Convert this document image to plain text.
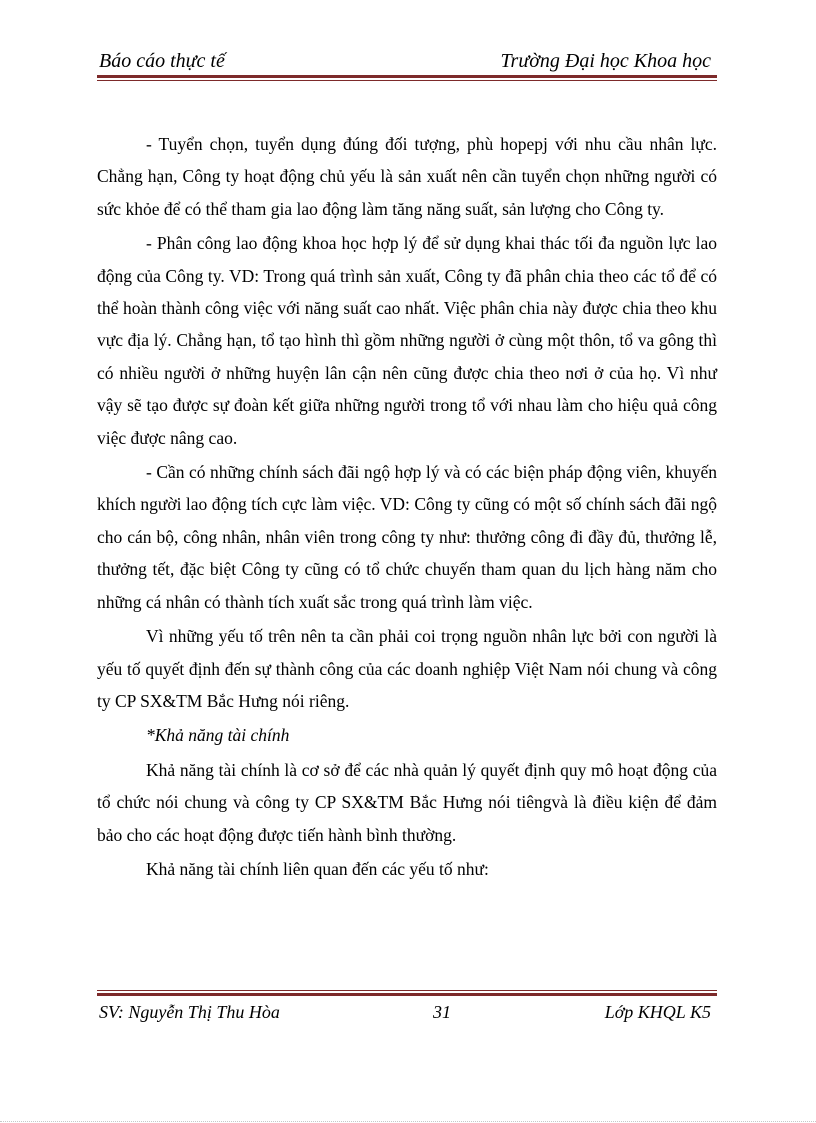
Báo cáo thực tế	Trường Đại học Khoa học

- Tuyển chọn, tuyển dụng đúng đối tượng, phù hopepj với nhu cầu nhân lực. Chẳng hạn, Công ty hoạt động chủ yếu là sản xuất nên cần tuyển chọn những người có sức khỏe để có thể tham gia lao động làm tăng năng suất, sản lượng cho Công ty.

- Phân công lao động khoa học hợp lý để sử dụng khai thác tối đa nguồn lực lao động của Công ty. VD: Trong quá trình sản xuất, Công ty đã phân chia theo các tổ để có thể hoàn thành công việc với năng suất cao nhất. Việc phân chia này được chia theo khu vực địa lý. Chẳng hạn, tổ tạo hình thì gồm những người ở cùng một thôn, tổ va gông thì có nhiều người ở những huyện lân cận nên cũng được chia theo nơi ở của họ. Vì như vậy sẽ tạo được sự đoàn kết giữa những người trong tổ với nhau làm cho hiệu quả công việc được nâng cao.

- Cần có những chính sách đãi ngộ hợp lý và có các biện pháp động viên, khuyến khích người lao động tích cực làm việc. VD: Công ty cũng có một số chính sách đãi ngộ cho cán bộ, công nhân, nhân viên trong công ty như: thưởng công đi đầy đủ, thưởng lễ, thưởng tết, đặc biệt Công ty cũng có tổ chức chuyến tham quan du lịch hàng năm cho những cá nhân có thành tích xuất sắc trong quá trình làm việc.

Vì những yếu tố trên nên ta cần phải coi trọng nguồn nhân lực bởi con người là yếu tố quyết định đến sự thành công của các doanh nghiệp Việt Nam nói chung và công ty CP SX&TM Bắc Hưng nói riêng.

*Khả năng tài chính

Khả năng tài chính là cơ sở để các nhà quản lý quyết định quy mô hoạt động của tổ chức nói chung và công ty CP SX&TM Bắc Hưng nói tiêngvà là điều kiện để đảm bảo cho các hoạt động được tiến hành bình thường.

Khả năng tài chính liên quan đến các yếu tố như:

SV: Nguyễn Thị Thu Hòa	31	Lớp KHQL K5
